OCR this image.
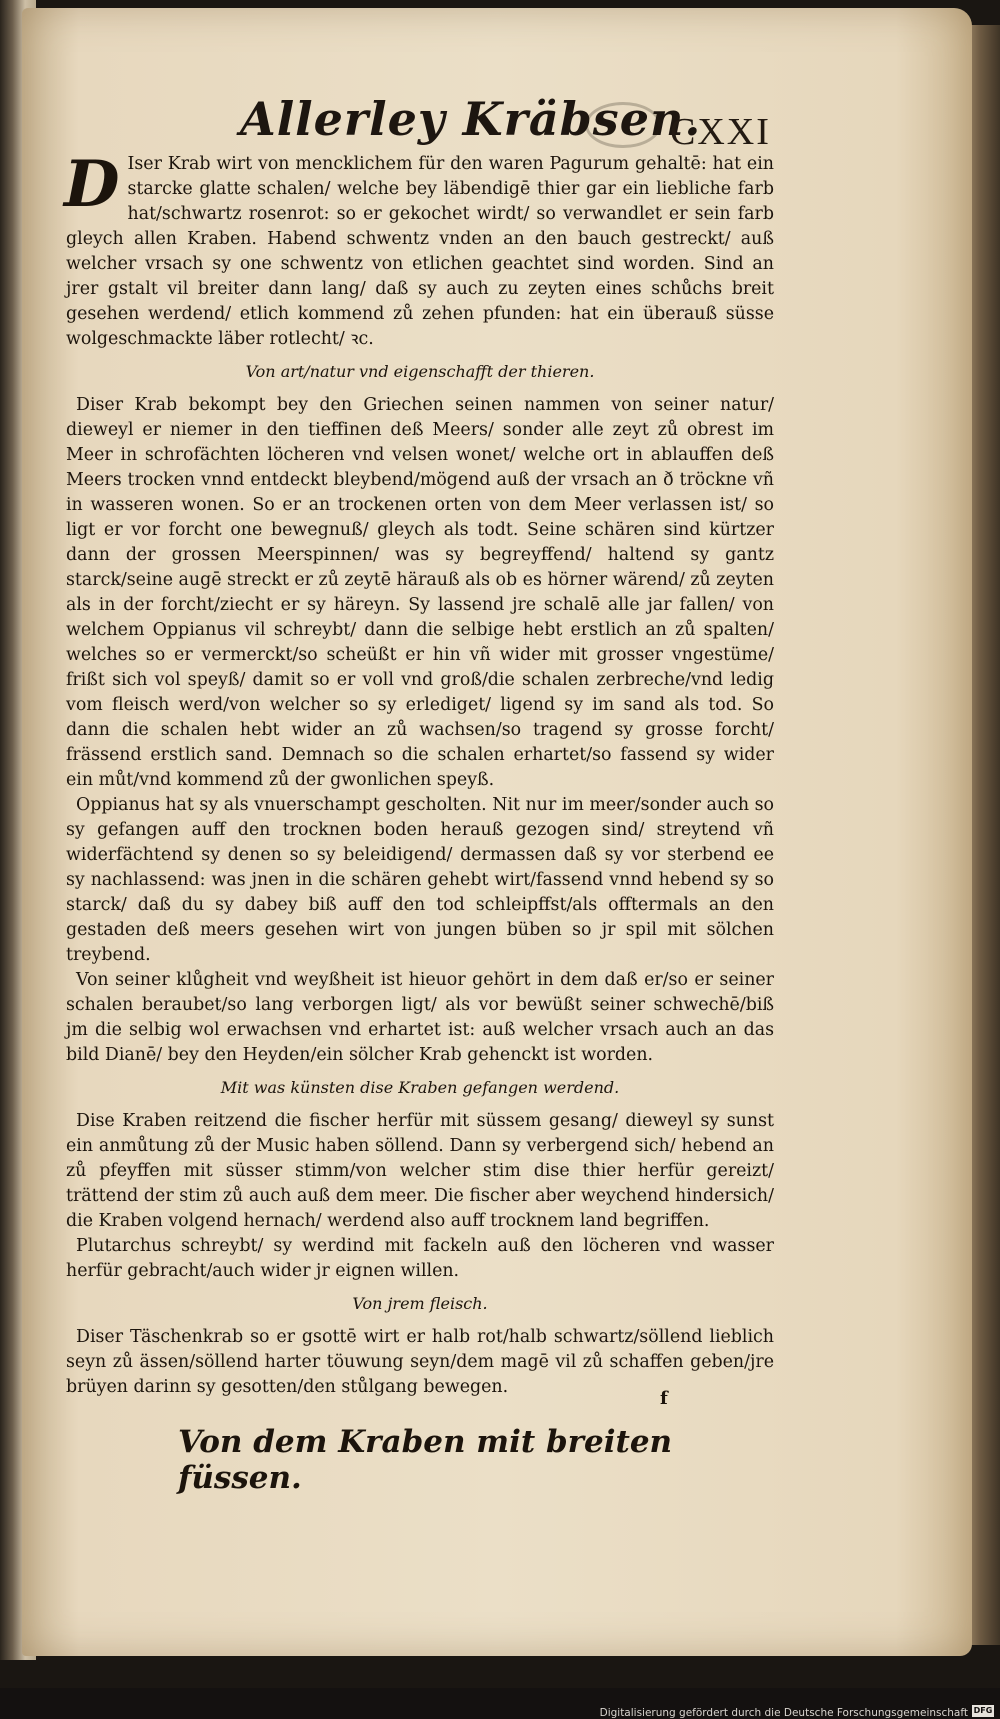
Allerley Kräbsen.
CXXI

D Iser Krab wirt von mencklichem für den waren Pagurum gehaltē: hat ein starcke glatte schalen/ welche bey läbendigē thier gar ein liebliche farb hat/schwartz rosenrot: so er gekochet wirdt/ so verwandlet er sein farb gleych allen Kraben. Habend schwentz vnden an den bauch gestreckt/ auß welcher vrsach sy one schwentz von etlichen geachtet sind worden. Sind an jrer gstalt vil breiter dann lang/ daß sy auch zu zeyten eines schůchs breit gesehen werdend/ etlich kommend zů zehen pfunden: hat ein überauß süsse wolgeschmackte läber rotlecht/ ꝛc.

Von art/natur vnd eigenschafft der thieren.

Diser Krab bekompt bey den Griechen seinen nammen von seiner natur/ dieweyl er niemer in den tieffinen deß Meers/ sonder alle zeyt zů obrest im Meer in schrofächten löcheren vnd velsen wonet/ welche ort in ablauffen deß Meers trocken vnnd entdeckt bleybend/mögend auß der vrsach an ð tröckne vñ in wasseren wonen. So er an trockenen orten von dem Meer verlassen ist/ so ligt er vor forcht one bewegnuß/ gleych als todt. Seine schären sind kürtzer dann der grossen Meerspinnen/ was sy begreyffend/ haltend sy gantz starck/seine augē streckt er zů zeytē härauß als ob es hörner wärend/ zů zeyten als in der forcht/ziecht er sy häreyn. Sy lassend jre schalē alle jar fallen/ von welchem Oppianus vil schreybt/ dann die selbige hebt erstlich an zů spalten/ welches so er vermerckt/so scheüßt er hin vñ wider mit grosser vngestüme/ frißt sich vol speyß/ damit so er voll vnd groß/die schalen zerbreche/vnd ledig vom fleisch werd/von welcher so sy erlediget/ ligend sy im sand als tod. So dann die schalen hebt wider an zů wachsen/so tragend sy grosse forcht/ frässend erstlich sand. Demnach so die schalen erhartet/so fassend sy wider ein můt/vnd kommend zů der gwonlichen speyß.

Oppianus hat sy als vnuerschampt gescholten. Nit nur im meer/sonder auch so sy gefangen auff den trocknen boden herauß gezogen sind/ streytend vñ widerfächtend sy denen so sy beleidigend/ dermassen daß sy vor sterbend ee sy nachlassend: was jnen in die schären gehebt wirt/fassend vnnd hebend sy so starck/ daß du sy dabey biß auff den tod schleipffst/als offtermals an den gestaden deß meers gesehen wirt von jungen büben so jr spil mit sölchen treybend.

Von seiner klůgheit vnd weyßheit ist hieuor gehört in dem daß er/so er seiner schalen beraubet/so lang verborgen ligt/ als vor bewüßt seiner schwechē/biß jm die selbig wol erwachsen vnd erhartet ist: auß welcher vrsach auch an das bild Dianē/ bey den Heyden/ein sölcher Krab gehenckt ist worden.

Mit was künsten dise Kraben gefangen werdend.

Dise Kraben reitzend die fischer herfür mit süssem gesang/ dieweyl sy sunst ein anmůtung zů der Music haben söllend. Dann sy verbergend sich/ hebend an zů pfeyffen mit süsser stimm/von welcher stim dise thier herfür gereizt/ trättend der stim zů auch auß dem meer. Die fischer aber weychend hindersich/ die Kraben volgend hernach/ werdend also auff trocknem land begriffen.

Plutarchus schreybt/ sy werdind mit fackeln auß den löcheren vnd wasser herfür gebracht/auch wider jr eignen willen.

Von jrem fleisch.

Diser Täschenkrab so er gsottē wirt er halb rot/halb schwartz/söllend lieblich seyn zů ässen/söllend harter töuwung seyn/dem magē vil zů schaffen geben/jre brüyen darinn sy gesotten/den stůlgang bewegen.

Von dem Kraben mit breiten füssen.
f
Digitalisierung gefördert durch die Deutsche Forschungsgemeinschaft DFG
